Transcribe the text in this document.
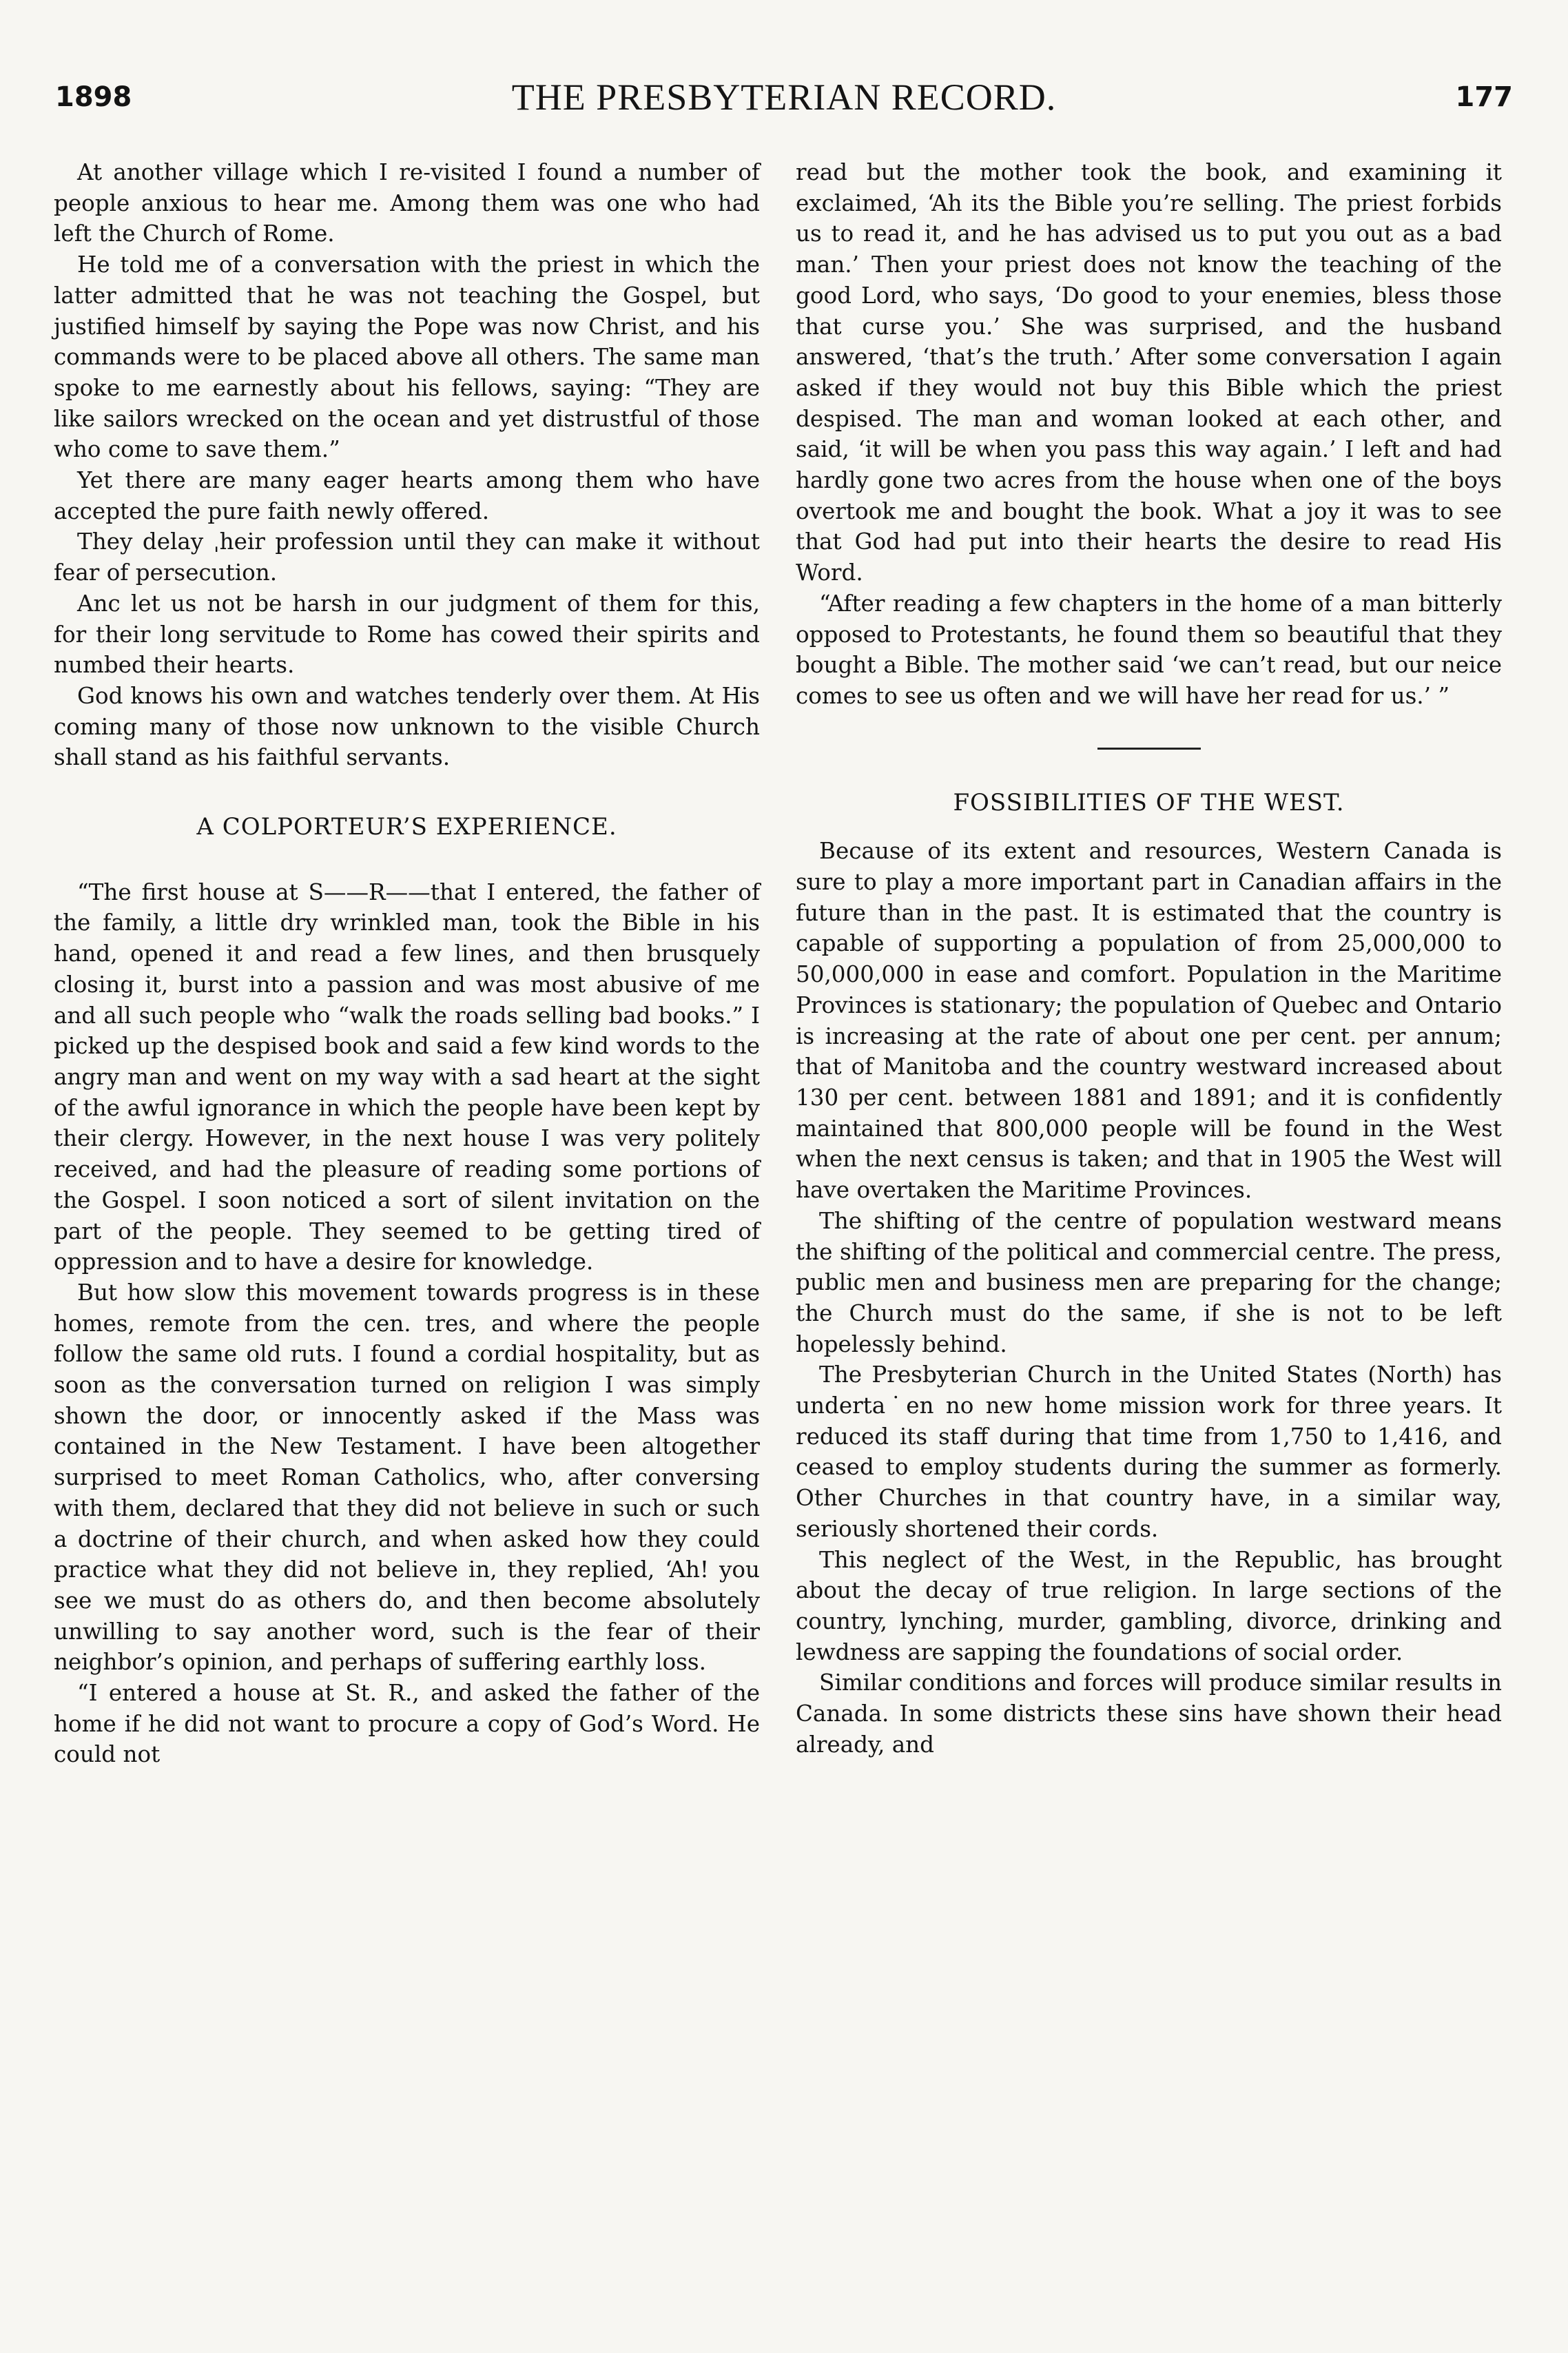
1898	THE PRESBYTERIAN RECORD.	177

At another village which I re-visited I found a number of people anxious to hear me. Among them was one who had left the Church of Rome.

He told me of a conversation with the priest in which the latter admitted that he was not teaching the Gospel, but justified himself by saying the Pope was now Christ, and his commands were to be placed above all others. The same man spoke to me earnestly about his fellows, saying: “They are like sailors wrecked on the ocean and yet distrustful of those who come to save them.”

Yet there are many eager hearts among them who have accepted the pure faith newly offered.

They delay ˌheir profession until they can make it without fear of persecution.

Anc let us not be harsh in our judgment of them for this, for their long servitude to Rome has cowed their spirits and numbed their hearts.

God knows his own and watches tenderly over them. At His coming many of those now unknown to the visible Church shall stand as his faithful servants.

A COLPORTEUR’S EXPERIENCE.

“The first house at S——R——that I entered, the father of the family, a little dry wrinkled man, took the Bible in his hand, opened it and read a few lines, and then brusquely closing it, burst into a passion and was most abusive of me and all such people who “walk the roads selling bad books.” I picked up the despised book and said a few kind words to the angry man and went on my way with a sad heart at the sight of the awful ignorance in which the people have been kept by their clergy. However, in the next house I was very politely received, and had the pleasure of reading some portions of the Gospel. I soon noticed a sort of silent invitation on the part of the people. They seemed to be getting tired of oppression and to have a desire for knowledge.

But how slow this movement towards progress is in these homes, remote from the cen. tres, and where the people follow the same old ruts. I found a cordial hospitality, but as soon as the conversation turned on religion I was simply shown the door, or innocently asked if the Mass was contained in the New Testament. I have been altogether surprised to meet Roman Catholics, who, after conversing with them, declared that they did not believe in such or such a doctrine of their church, and when asked how they could practice what they did not believe in, they replied, ‘Ah! you see we must do as others do, and then become absolutely unwilling to say another word, such is the fear of their neighbor’s opinion, and perhaps of suffering earthly loss.

“I entered a house at St. R., and asked the father of the home if he did not want to procure a copy of God’s Word. He could not

read but the mother took the book, and examining it exclaimed, ‘Ah its the Bible you’re selling. The priest forbids us to read it, and he has advised us to put you out as a bad man.’ Then your priest does not know the teaching of the good Lord, who says, ‘Do good to your enemies, bless those that curse you.’ She was surprised, and the husband answered, ‘that’s the truth.’ After some conversation I again asked if they would not buy this Bible which the priest despised. The man and woman looked at each other, and said, ‘it will be when you pass this way again.’ I left and had hardly gone two acres from the house when one of the boys overtook me and bought the book. What a joy it was to see that God had put into their hearts the desire to read His Word.

“After reading a few chapters in the home of a man bitterly opposed to Protestants, he found them so beautiful that they bought a Bible. The mother said ‘we can’t read, but our neice comes to see us often and we will have her read for us.’ ”

FOSSIBILITIES OF THE WEST.

Because of its extent and resources, Western Canada is sure to play a more important part in Canadian affairs in the future than in the past. It is estimated that the country is capable of supporting a population of from 25,000,000 to 50,000,000 in ease and comfort. Population in the Maritime Provinces is stationary; the population of Quebec and Ontario is increasing at the rate of about one per cent. per annum; that of Manitoba and the country westward increased about 130 per cent. between 1881 and 1891; and it is confidently maintained that 800,000 people will be found in the West when the next census is taken; and that in 1905 the West will have overtaken the Maritime Provinces.

The shifting of the centre of population westward means the shifting of the political and commercial centre. The press, public men and business men are preparing for the change; the Church must do the same, if she is not to be left hopelessly behind.

The Presbyterian Church in the United States (North) has underta˙en no new home mission work for three years. It reduced its staff during that time from 1,750 to 1,416, and ceased to employ students during the summer as formerly. Other Churches in that country have, in a similar way, seriously shortened their cords.

This neglect of the West, in the Republic, has brought about the decay of true religion. In large sections of the country, lynching, murder, gambling, divorce, drinking and lewdness are sapping the foundations of social order.

Similar conditions and forces will produce similar results in Canada. In some districts these sins have shown their head already, and
